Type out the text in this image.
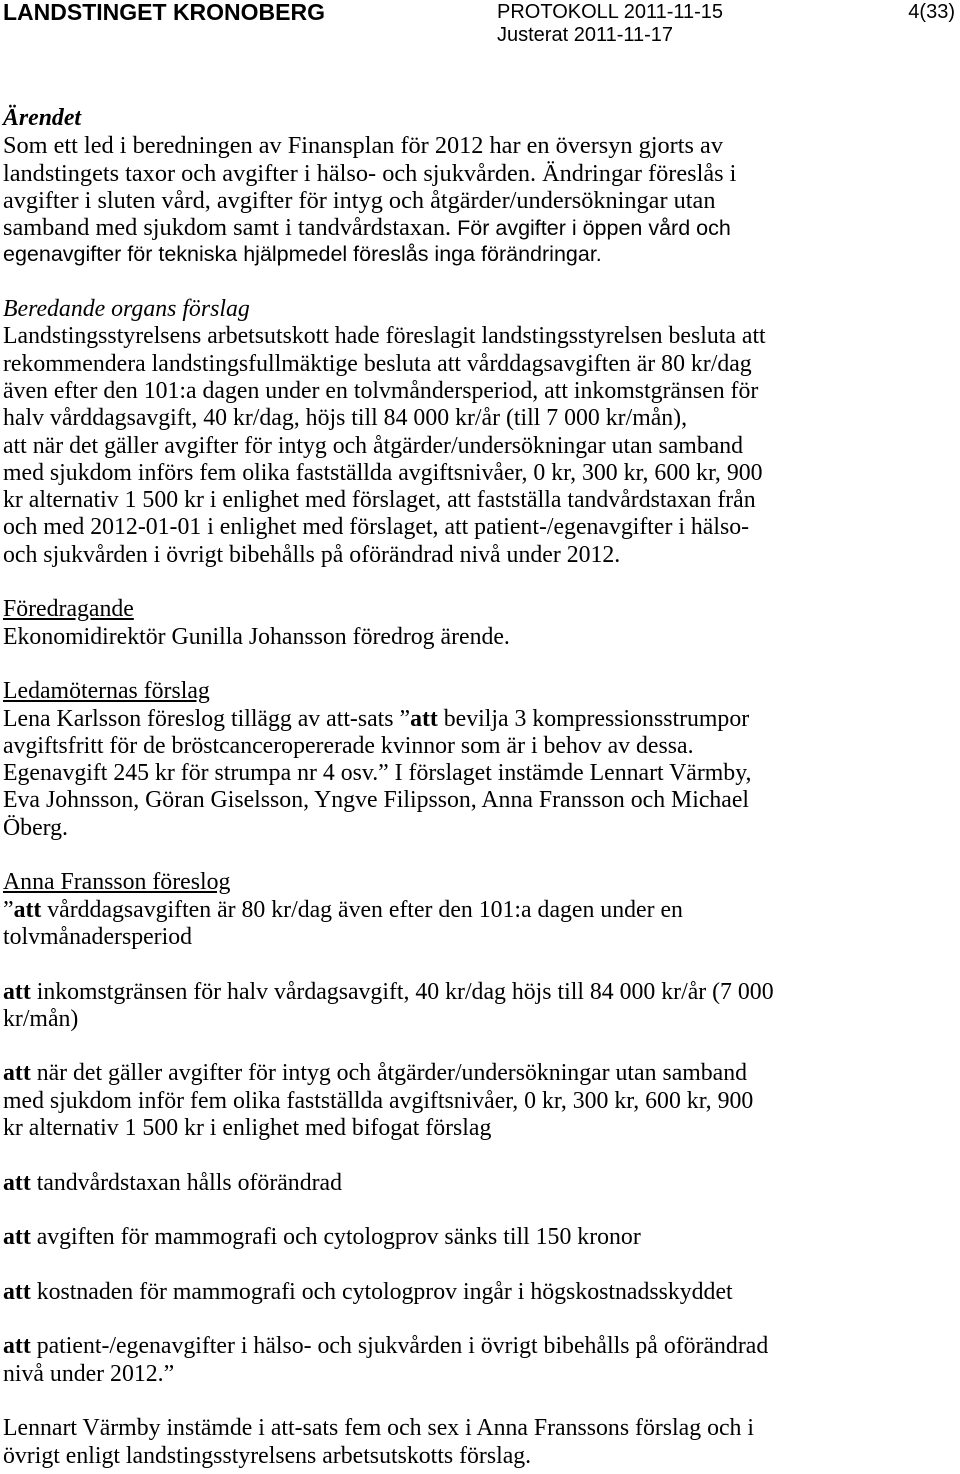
LANDSTINGET KRONOBERG	PROTOKOLL 2011-11-15
Justerat 2011-11-17
4(33)
Ärendet
Som ett led i beredningen av Finansplan för 2012 har en översyn gjorts av
landstingets taxor och avgifter i hälso- och sjukvården. Ändringar föreslås i
avgifter i sluten vård, avgifter för intyg och åtgärder/undersökningar utan
samband med sjukdom samt i tandvårdstaxan. För avgifter i öppen vård och
egenavgifter för tekniska hjälpmedel föreslås inga förändringar.
Beredande organs förslag
Landstingsstyrelsens arbetsutskott hade föreslagit landstingsstyrelsen besluta att
rekommendera landstingsfullmäktige besluta att vårddagsavgiften är 80 kr/dag
även efter den 101:a dagen under en tolvmåndersperiod, att inkomstgränsen för
halv vårddagsavgift, 40 kr/dag, höjs till 84 000 kr/år (till 7 000 kr/mån),
att när det gäller avgifter för intyg och åtgärder/undersökningar utan samband
med sjukdom införs fem olika fastställda avgiftsnivåer, 0 kr, 300 kr, 600 kr, 900
kr alternativ 1 500 kr i enlighet med förslaget, att fastställa tandvårdstaxan från
och med 2012-01-01 i enlighet med förslaget, att patient-/egenavgifter i hälso-
och sjukvården i övrigt bibehålls på oförändrad nivå under 2012.
Föredragande
Ekonomidirektör Gunilla Johansson föredrog ärende.
Ledamöternas förslag
Lena Karlsson föreslog tillägg av att-sats ”att bevilja 3 kompressionsstrumpor
avgiftsfritt för de bröstcanceropererade kvinnor som är i behov av dessa.
Egenavgift 245 kr för strumpa nr 4 osv.” I förslaget instämde Lennart Värmby,
Eva Johnsson, Göran Giselsson, Yngve Filipsson, Anna Fransson och Michael
Öberg.
Anna Fransson föreslog
”att vårddagsavgiften är 80 kr/dag även efter den 101:a dagen under en
tolvmånadersperiod
att inkomstgränsen för halv vårdagsavgift, 40 kr/dag höjs till 84 000 kr/år (7 000
kr/mån)
att när det gäller avgifter för intyg och åtgärder/undersökningar utan samband
med sjukdom inför fem olika fastställda avgiftsnivåer, 0 kr, 300 kr, 600 kr, 900
kr alternativ 1 500 kr i enlighet med bifogat förslag
att tandvårdstaxan hålls oförändrad
att avgiften för mammografi och cytologprov sänks till 150 kronor
att kostnaden för mammografi och cytologprov ingår i högskostnadsskyddet
att patient-/egenavgifter i hälso- och sjukvården i övrigt bibehålls på oförändrad
nivå under 2012.”
Lennart Värmby instämde i att-sats fem och sex i Anna Franssons förslag och i
övrigt enligt landstingsstyrelsens arbetsutskotts förslag.
